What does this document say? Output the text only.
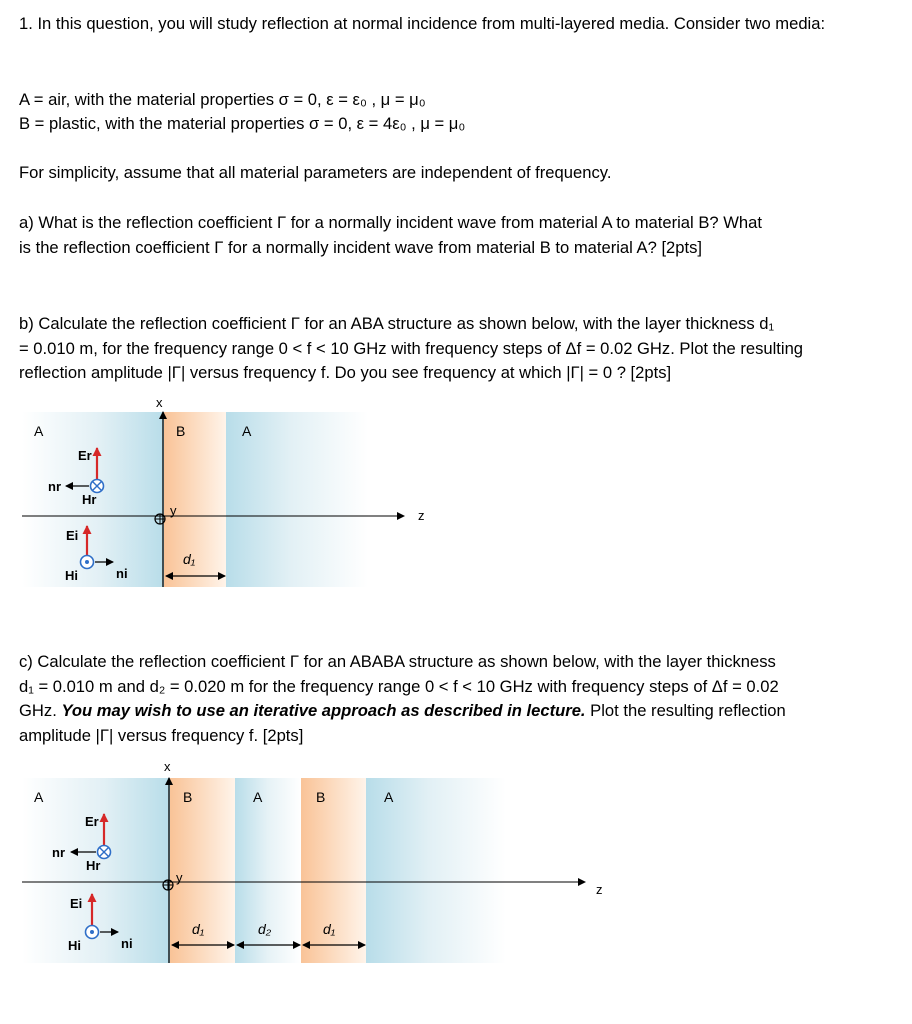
1. In this question, you will study reflection at normal incidence from multi-layered media. Consider two media:

A = air, with the material properties σ = 0, ε = ε₀ , μ = μ₀

B = plastic, with the material properties σ = 0, ε = 4ε₀ , μ = μ₀

For simplicity, assume that all material parameters are independent of frequency.

a) What is the reflection coefficient Γ for a normally incident wave from material A to material B? What

is the reflection coefficient Γ for a normally incident wave from material B to material A? [2pts]

b) Calculate the reflection coefficient Γ for an ABA structure as shown below, with the layer thickness d₁

= 0.010 m, for the frequency range 0 < f < 10 GHz with frequency steps of Δf = 0.02 GHz. Plot the resulting

reflection amplitude |Γ| versus frequency f. Do you see frequency at which |Γ| = 0 ? [2pts]

A	B	A
x
z
y
Er
nr
Hr
Ei
ni
Hi
d₁

c) Calculate the reflection coefficient Γ for an ABABA structure as shown below, with the layer thickness

d₁ = 0.010 m and d₂ = 0.020 m for the frequency range 0 < f < 10 GHz with frequency steps of Δf = 0.02

GHz. You may wish to use an iterative approach as described in lecture. Plot the resulting reflection

amplitude |Γ| versus frequency f. [2pts]

A	B	A	B	A
x
z
y
Er
nr
Hr
Ei
ni
Hi
d₁	d₂	d₁
